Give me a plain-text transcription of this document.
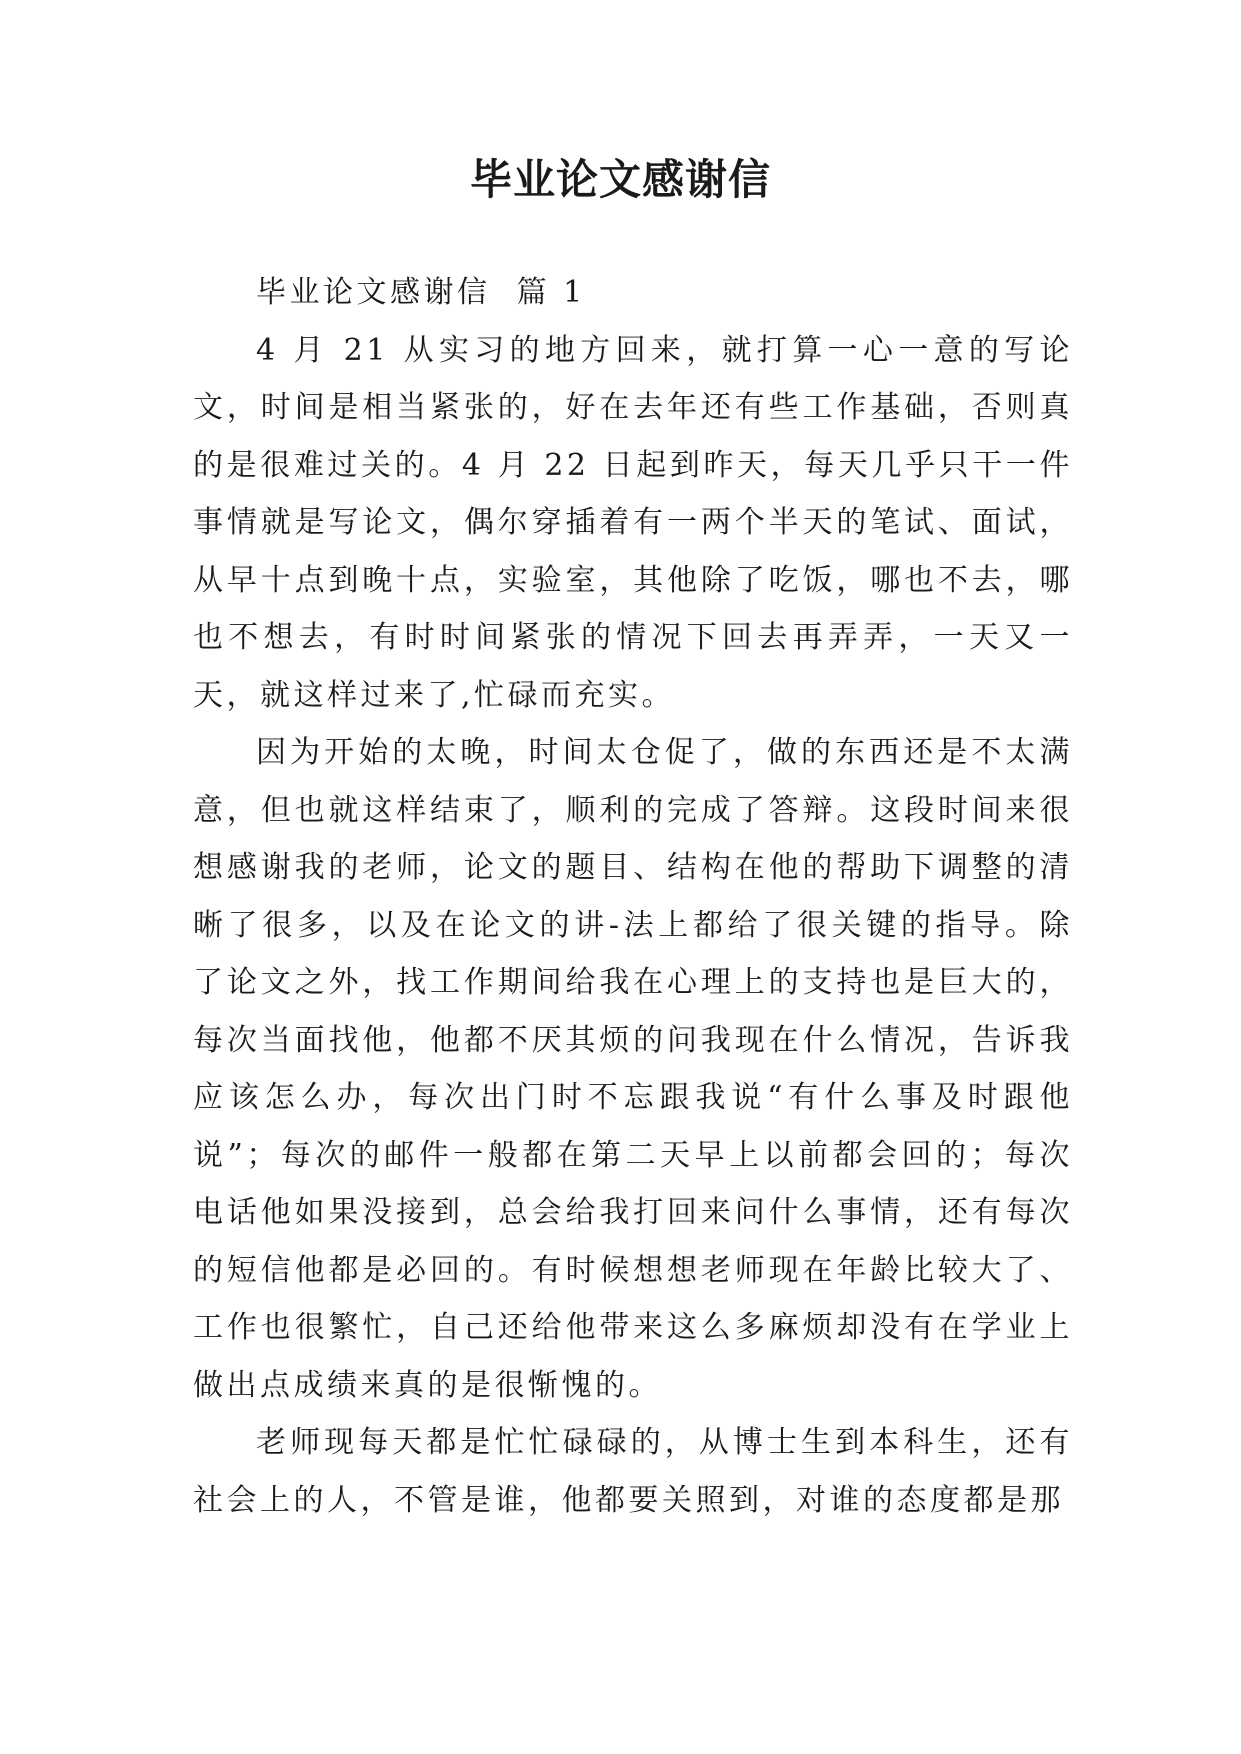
毕业论文感谢信

毕业论文感谢信  篇 1

4 月 21 从实习的地方回来，就打算一心一意的写论文，时间是相当紧张的，好在去年还有些工作基础，否则真的是很难过关的。4 月 22 日起到昨天，每天几乎只干一件事情就是写论文，偶尔穿插着有一两个半天的笔试、面试，从早十点到晚十点，实验室，其他除了吃饭，哪也不去，哪也不想去，有时时间紧张的情况下回去再弄弄，一天又一天，就这样过来了,忙碌而充实。

因为开始的太晚，时间太仓促了，做的东西还是不太满意，但也就这样结束了，顺利的完成了答辩。这段时间来很想感谢我的老师，论文的题目、结构在他的帮助下调整的清晰了很多，以及在论文的讲-法上都给了很关键的指导。除了论文之外，找工作期间给我在心理上的支持也是巨大的，每次当面找他，他都不厌其烦的问我现在什么情况，告诉我应该怎么办，每次出门时不忘跟我说“有什么事及时跟他说”；每次的邮件一般都在第二天早上以前都会回的；每次电话他如果没接到，总会给我打回来问什么事情，还有每次的短信他都是必回的。有时候想想老师现在年龄比较大了、工作也很繁忙，自己还给他带来这么多麻烦却没有在学业上做出点成绩来真的是很惭愧的。

老师现每天都是忙忙碌碌的，从博士生到本科生，还有社会上的人，不管是谁，他都要关照到，对谁的态度都是那
